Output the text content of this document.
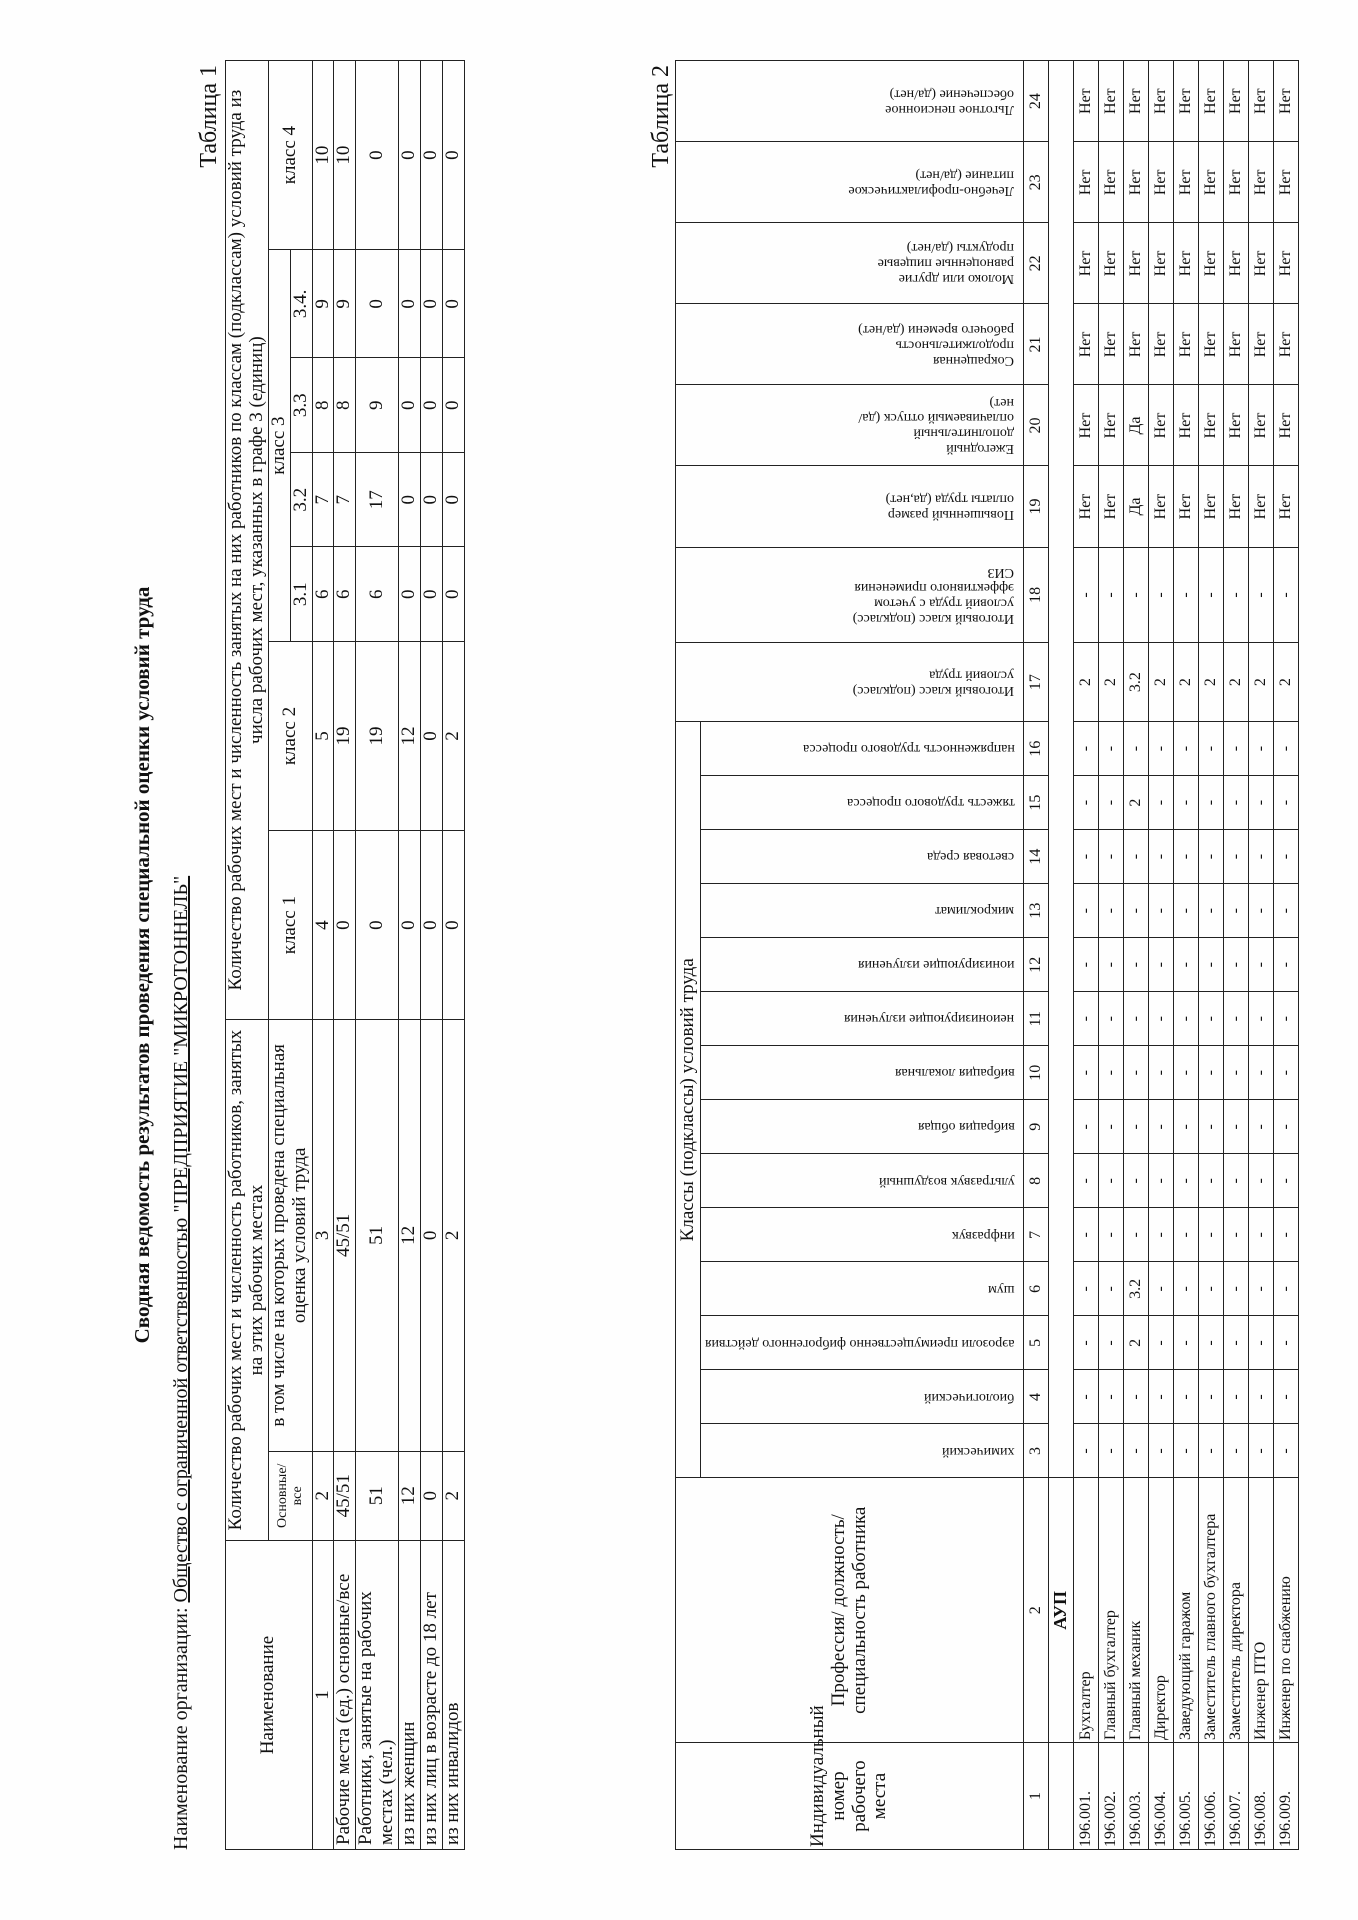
Сводная ведомость результатов проведения специальной оценки условий труда
Наименование организации: Общество с ограниченной ответственностью "ПРЕДПРИЯТИЕ "МИКРОТОННЕЛЬ"
Таблица 1
Наименование	Количество рабочих мест и численность работников, занятых на этих рабочих местах		Количество рабочих мест и численность занятых на них работников по классам (подклассам) условий труда из числа рабочих мест, указанных в графе 3 (единиц)						
	Основные/все	в том числе на которых проведена специальная оценка условий труда	класс 1	класс 2	класс 3				класс 4
					3.1	3.2	3.3	3.4.	
1	2	3	4	5	6	7	8	9	10
Рабочие места (ед.) основные/все	45/51	45/51	0	19	6	7	8	9	10
Работники, занятые на рабочих местах (чел.)	51	51	0	19	6	17	9	0	0
из них женщин	12	12	0	12	0	0	0	0	0
из них лиц в возрасте до 18 лет	0	0	0	0	0	0	0	0	0
из них инвалидов	2	2	0	2	0	0	0	0	0	Таблица 2
Индивидуальный номер рабочего места	Профессия/ должность/ специальность работника	Классы (подклассы) условий труда														Итоговый класс (подкласс) условий труда	Итоговый класс (подкласс) условий труда с учетом эффективного применения СИЗ	Повышенный размер оплаты труда (да,нет)	Ежегодный дополнительный оплачиваемый отпуск (да/нет)	Сокращенная продолжительность рабочего времени (да/нет)	Молоко или другие равноценные пищевые продукты (да/нет)	Лечебно-профилактическое питание (да/нет)	Льготное пенсионное обеспечение (да/нет)
		химический	биологический	аэрозоли преимущественно фиброгенного действия	шум	инфразвук	ультразвук воздушный	вибрация общая	вибрация локальная	неионизирующие излучения	ионизирующие излучения	микроклимат	световая среда	тяжесть трудового процесса	напряженность трудового процесса								
1	2	3	4	5	6	7	8	9	10	11	12	13	14	15	16	17	18	19	20	21	22	23	24
	АУП																						
196.001.	Бухгалтер	-	-	-	-	-	-	-	-	-	-	-	-	-	-	2	-	Нет	Нет	Нет	Нет	Нет	Нет
196.002.	Главный бухгалтер	-	-	-	-	-	-	-	-	-	-	-	-	-	-	2	-	Нет	Нет	Нет	Нет	Нет	Нет
196.003.	Главный механик	-	-	2	3.2	-	-	-	-	-	-	-	-	2	-	3.2	-	Да	Да	Нет	Нет	Нет	Нет
196.004.	Директор	-	-	-	-	-	-	-	-	-	-	-	-	-	-	2	-	Нет	Нет	Нет	Нет	Нет	Нет
196.005.	Заведующий гаражом	-	-	-	-	-	-	-	-	-	-	-	-	-	-	2	-	Нет	Нет	Нет	Нет	Нет	Нет
196.006.	Заместитель главного бухгалтера	-	-	-	-	-	-	-	-	-	-	-	-	-	-	2	-	Нет	Нет	Нет	Нет	Нет	Нет
196.007.	Заместитель директора	-	-	-	-	-	-	-	-	-	-	-	-	-	-	2	-	Нет	Нет	Нет	Нет	Нет	Нет
196.008.	Инженер ПТО	-	-	-	-	-	-	-	-	-	-	-	-	-	-	2	-	Нет	Нет	Нет	Нет	Нет	Нет
196.009.	Инженер по снабжению	-	-	-	-	-	-	-	-	-	-	-	-	-	-	2	-	Нет	Нет	Нет	Нет	Нет	Нет
